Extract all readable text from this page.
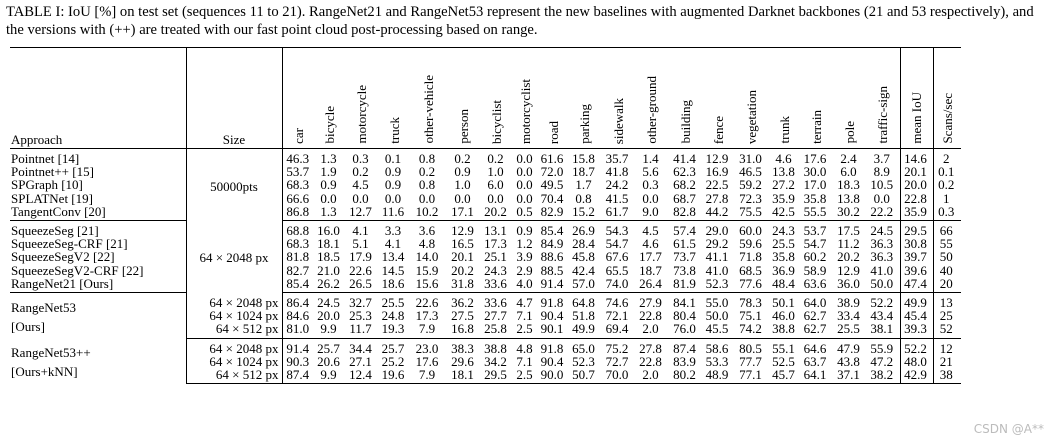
TABLE I: IoU [%] on test set (sequences 11 to 21). RangeNet21 and RangeNet53 represent the new baselines with augmented Darknet backbones (21 and 53 respectively), and the versions with (++) are treated with our fast point cloud post-processing based on range.

Approach	Size	car	bicycle	motorcycle	truck	other-vehicle	person	bicyclist	motorcyclist	road	parking	sidewalk	other-ground	building	fence	vegetation	trunk	terrain	pole	traffic-sign	mean IoU	Scans/sec
Pointnet [14]	50000pts	46.3	1.3	0.3	0.1	0.8	0.2	0.2	0.0	61.6	15.8	35.7	1.4	41.4	12.9	31.0	4.6	17.6	2.4	3.7	14.6	2
Pointnet++ [15]		53.7	1.9	0.2	0.9	0.2	0.9	1.0	0.0	72.0	18.7	41.8	5.6	62.3	16.9	46.5	13.8	30.0	6.0	8.9	20.1	0.1
SPGraph [10]		68.3	0.9	4.5	0.9	0.8	1.0	6.0	0.0	49.5	1.7	24.2	0.3	68.2	22.5	59.2	27.2	17.0	18.3	10.5	20.0	0.2
SPLATNet [19]		66.6	0.0	0.0	0.0	0.0	0.0	0.0	0.0	70.4	0.8	41.5	0.0	68.7	27.8	72.3	35.9	35.8	13.8	0.0	22.8	1
TangentConv [20]		86.8	1.3	12.7	11.6	10.2	17.1	20.2	0.5	82.9	15.2	61.7	9.0	82.8	44.2	75.5	42.5	55.5	30.2	22.2	35.9	0.3
SqueezeSeg [21]	64 × 2048 px	68.8	16.0	4.1	3.3	3.6	12.9	13.1	0.9	85.4	26.9	54.3	4.5	57.4	29.0	60.0	24.3	53.7	17.5	24.5	29.5	66
SqueezeSeg-CRF [21]		68.3	18.1	5.1	4.1	4.8	16.5	17.3	1.2	84.9	28.4	54.7	4.6	61.5	29.2	59.6	25.5	54.7	11.2	36.3	30.8	55
SqueezeSegV2 [22]		81.8	18.5	17.9	13.4	14.0	20.1	25.1	3.9	88.6	45.8	67.6	17.7	73.7	41.1	71.8	35.8	60.2	20.2	36.3	39.7	50
SqueezeSegV2-CRF [22]		82.7	21.0	22.6	14.5	15.9	20.2	24.3	2.9	88.5	42.4	65.5	18.7	73.8	41.0	68.5	36.9	58.9	12.9	41.0	39.6	40
RangeNet21 [Ours]		85.4	26.2	26.5	18.6	15.6	31.8	33.6	4.0	91.4	57.0	74.0	26.4	81.9	52.3	77.6	48.4	63.6	36.0	50.0	47.4	20

RangeNet53
[Ours]	64 × 2048 px	86.4	24.5	32.7	25.5	22.6	36.2	33.6	4.7	91.8	64.8	74.6	27.9	84.1	55.0	78.3	50.1	64.0	38.9	52.2	49.9	13
	64 × 1024 px	84.6	20.0	25.3	24.8	17.3	27.5	27.7	7.1	90.4	51.8	72.1	22.8	80.4	50.0	75.1	46.0	62.7	33.4	43.4	45.4	25
	64 × 512 px	81.0	9.9	11.7	19.3	7.9	16.8	25.8	2.5	90.1	49.9	69.4	2.0	76.0	45.5	74.2	38.8	62.7	25.5	38.1	39.3	52

RangeNet53++
[Ours+kNN]	64 × 2048 px	91.4	25.7	34.4	25.7	23.0	38.3	38.8	4.8	91.8	65.0	75.2	27.8	87.4	58.6	80.5	55.1	64.6	47.9	55.9	52.2	12
	64 × 1024 px	90.3	20.6	27.1	25.2	17.6	29.6	34.2	7.1	90.4	52.3	72.7	22.8	83.9	53.3	77.7	52.5	63.7	43.8	47.2	48.0	21
	64 × 512 px	87.4	9.9	12.4	19.6	7.9	18.1	29.5	2.5	90.0	50.7	70.0	2.0	80.2	48.9	77.1	45.7	64.1	37.1	38.2	42.9	38
CSDN @A**
